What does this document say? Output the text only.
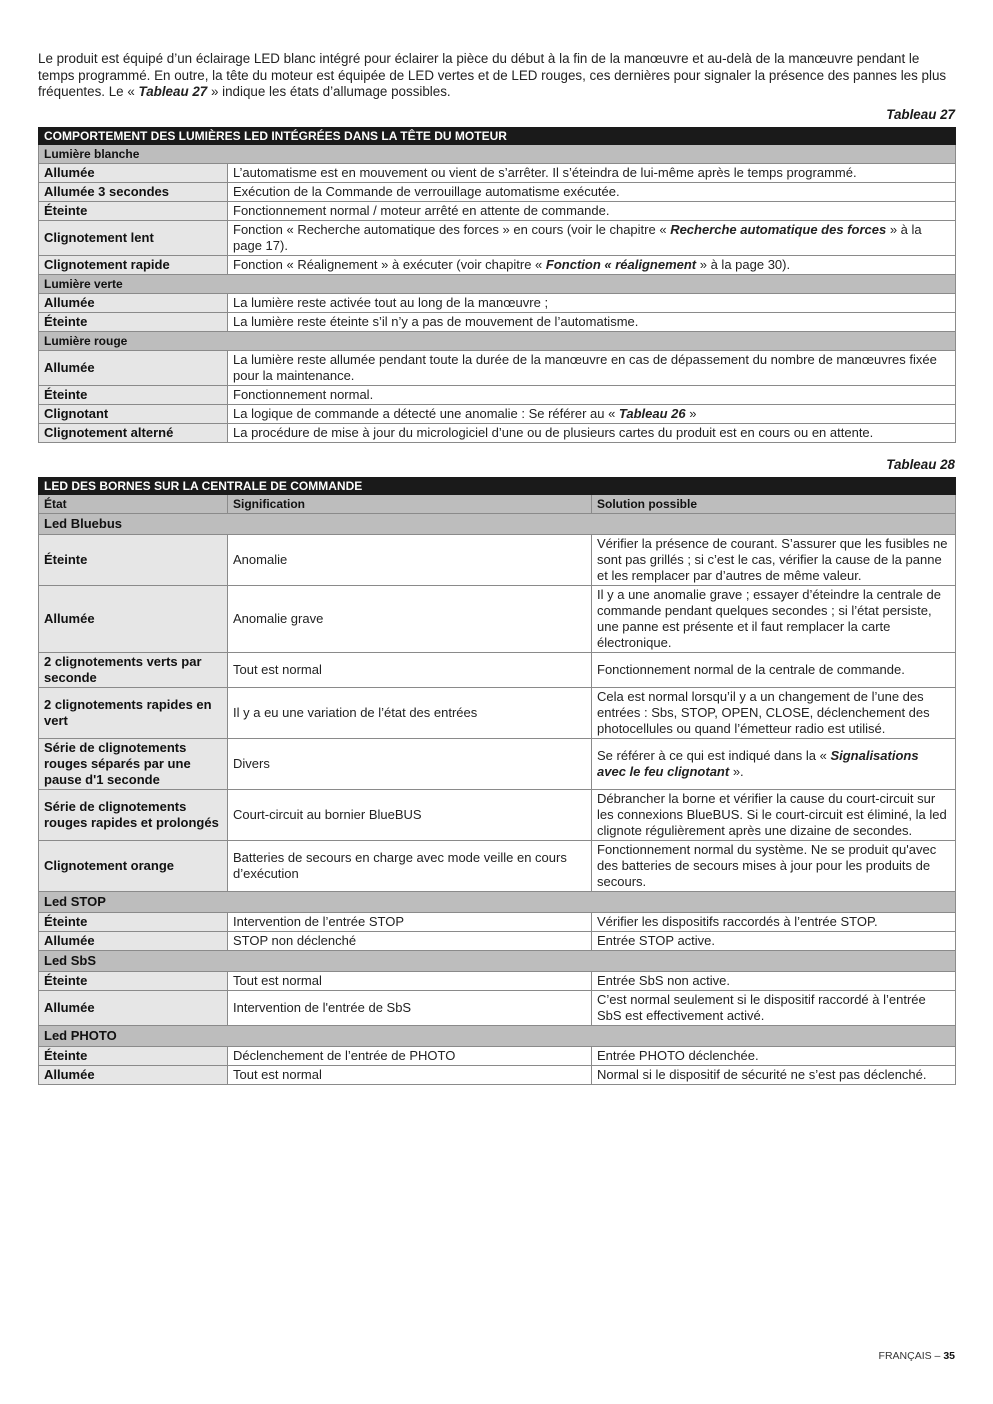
Le produit est équipé d’un éclairage LED blanc intégré pour éclairer la pièce du début à la fin de la manœuvre et au-delà de la manœuvre pendant le temps programmé. En outre, la tête du moteur est équipée de LED vertes et de LED rouges, ces dernières pour signaler la présence des pannes les plus fréquentes. Le « Tableau 27 » indique les états d’allumage possibles.

Tableau 27
COMPORTEMENT DES LUMIÈRES LED INTÉGRÉES DANS LA TÊTE DU MOTEUR	
Lumière blanche	
Allumée	L’automatisme est en mouvement ou vient de s’arrêter. Il s’éteindra de lui-même après le temps programmé.
Allumée 3 secondes	Exécution de la Commande de verrouillage automatisme exécutée.
Éteinte	Fonctionnement normal / moteur arrêté en attente de commande.
Clignotement lent	Fonction « Recherche automatique des forces » en cours (voir le chapitre « Recherche automatique des forces » à la page 17).
Clignotement rapide	Fonction « Réalignement » à exécuter (voir chapitre « Fonction « réalignement » à la page 30).
Lumière verte	
Allumée	La lumière reste activée tout au long de la manœuvre ;
Éteinte	La lumière reste éteinte s’il n’y a pas de mouvement de l’automatisme.
Lumière rouge	
Allumée	La lumière reste allumée pendant toute la durée de la manœuvre en cas de dépassement du nombre de manœuvres fixée pour la maintenance.
Éteinte	Fonctionnement normal.
Clignotant	La logique de commande a détecté une anomalie : Se référer au « Tableau 26 »
Clignotement alterné	La procédure de mise à jour du micrologiciel d’une ou de plusieurs cartes du produit est en cours ou en attente.
Tableau 28
LED DES BORNES SUR LA CENTRALE DE COMMANDE		
État	Signification	Solution possible
Led Bluebus		
Éteinte	Anomalie	Vérifier la présence de courant. S’assurer que les fusibles ne sont pas grillés ; si c’est le cas, vérifier la cause de la panne et les remplacer par d’autres de même valeur.
Allumée	Anomalie grave	Il y a une anomalie grave ; essayer d’éteindre la centrale de commande pendant quelques secondes ; si l’état persiste, une panne est présente et il faut remplacer la carte électronique.
2 clignotements verts par seconde	Tout est normal	Fonctionnement normal de la centrale de commande.
2 clignotements rapides en vert	Il y a eu une variation de l’état des entrées	Cela est normal lorsqu’il y a un changement de l’une des entrées : Sbs, STOP, OPEN, CLOSE, déclenchement des photocellules ou quand l’émetteur radio est utilisé.
Série de clignotements rouges séparés par une pause d'1 seconde	Divers	Se référer à ce qui est indiqué dans la « Signalisations avec le feu clignotant ».
Série de clignotements rouges rapides et prolongés	Court-circuit au bornier BlueBUS	Débrancher la borne et vérifier la cause du court-circuit sur les connexions BlueBUS. Si le court-circuit est éliminé, la led clignote régulièrement après une dizaine de secondes.
Clignotement orange	Batteries de secours en charge avec mode veille en cours d’exécution	Fonctionnement normal du système. Ne se produit qu'avec des batteries de secours mises à jour pour les produits de secours.
Led STOP		
Éteinte	Intervention de l’entrée STOP	Vérifier les dispositifs raccordés à l’entrée STOP.
Allumée	STOP non déclenché	Entrée STOP active.
Led SbS		
Éteinte	Tout est normal	Entrée SbS non active.
Allumée	Intervention de l'entrée de SbS	C’est normal seulement si le dispositif raccordé à l’entrée SbS est effectivement activé.
Led PHOTO		
Éteinte	Déclenchement de l’entrée de PHOTO	Entrée PHOTO déclenchée.
Allumée	Tout est normal	Normal si le dispositif de sécurité ne s’est pas déclenché.
FRANÇAIS – 35
